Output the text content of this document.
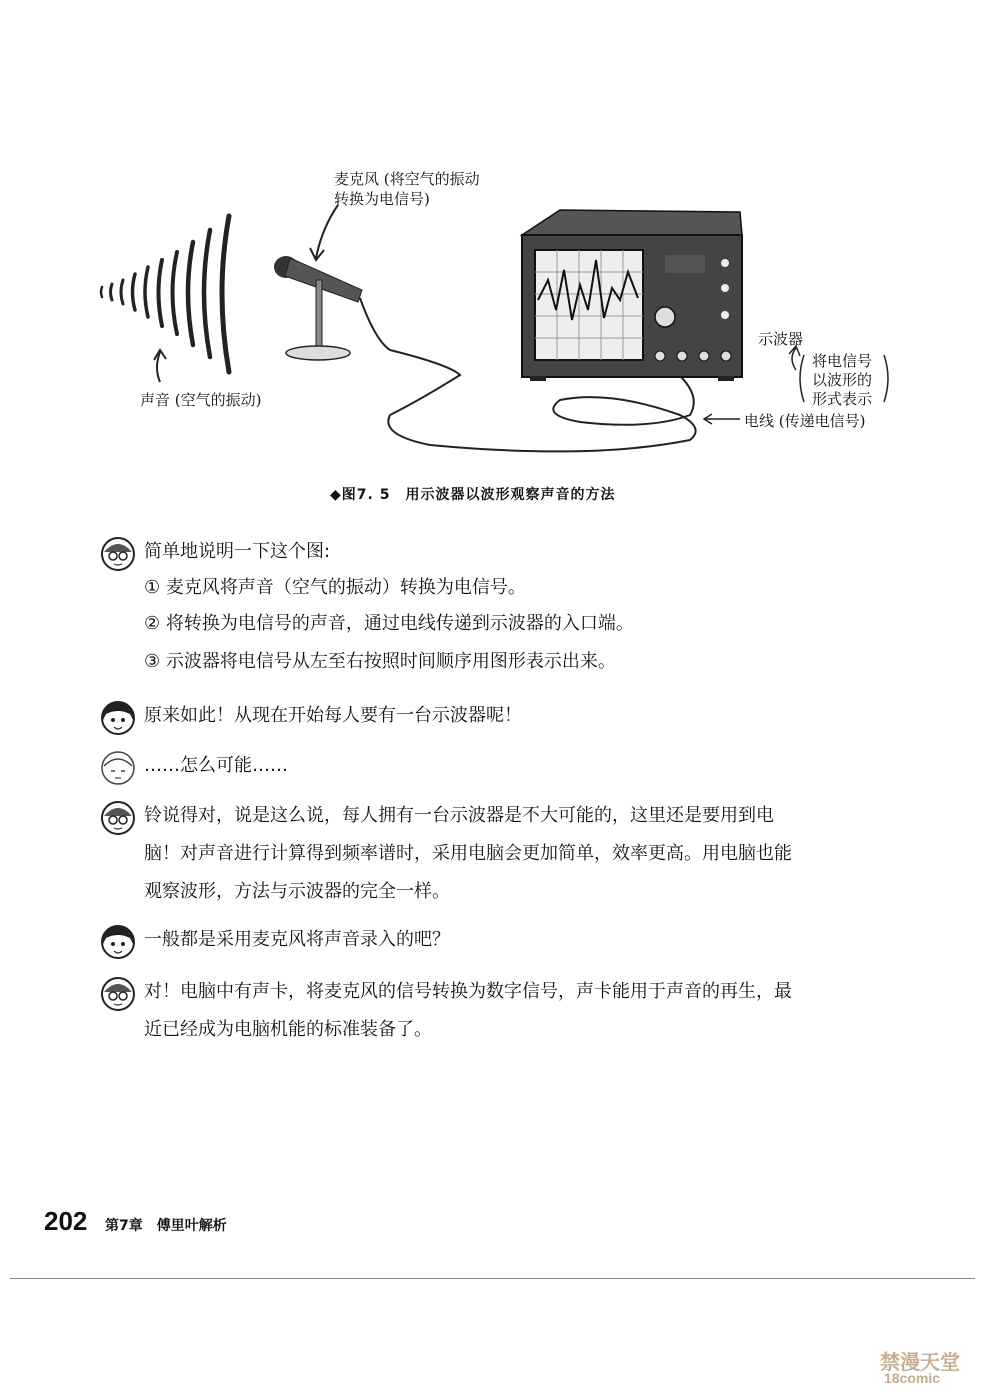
麦克风 (将空气的振动
转换为电信号)
声音 (空气的振动)
示波器
将电信号
以波形的
形式表示
电线 (传递电信号)
◆图7. 5　用示波器以波形观察声音的方法
简单地说明一下这个图:
① 麦克风将声音（空气的振动）转换为电信号。
② 将转换为电信号的声音，通过电线传递到示波器的入口端。
③ 示波器将电信号从左至右按照时间顺序用图形表示出来。
原来如此！从现在开始每人要有一台示波器呢！
……怎么可能……
铃说得对，说是这么说，每人拥有一台示波器是不大可能的，这里还是要用到电
脑！对声音进行计算得到频率谱时，采用电脑会更加简单，效率更高。用电脑也能
观察波形，方法与示波器的完全一样。
一般都是采用麦克风将声音录入的吧？
对！电脑中有声卡，将麦克风的信号转换为数字信号，声卡能用于声音的再生，最
近已经成为电脑机能的标准装备了。
202 第7章　傅里叶解析
禁漫天堂
18comic
